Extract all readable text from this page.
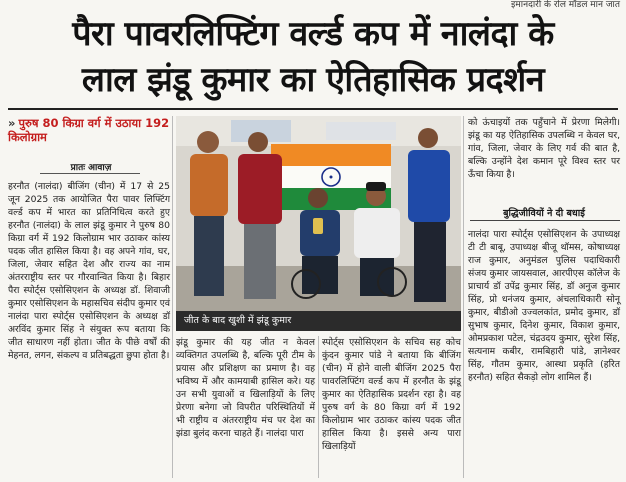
इमानदारी के रोल मॉडल मान जात
पैरा पावरलिफ्टिंग वर्ल्ड कप में नालंदा के
लाल झंडू कुमार का ऐतिहासिक प्रदर्शन
» पुरुष 80 किग्रा वर्ग में उठाया 192 किलोग्राम
प्रातः आवाज़

हरनौत (नालंदा) बीजिंग (चीन) में 17 से 25 जून 2025 तक आयोजित पैरा पावर लिफ्टिंग वर्ल्ड कप में भारत का प्रतिनिधित्व करते हुए हरनौत (नालंदा) के लाल झंडू कुमार ने पुरुष 80 किग्रा वर्ग में 192 किलोग्राम भार उठाकर कांस्य पदक जीत हासिल किया है। वह अपने गांव, घर, जिला, जेवार सहित देश और राज्य का नाम अंतरराष्ट्रीय स्तर पर गौरवान्वित किया है। बिहार पैरा स्पोर्ट्स एसोसिएशन के अध्यक्ष डॉ. शिवाजी कुमार एसोसिएशन के महासचिव संदीप कुमार एवं नालंदा पारा स्पोर्ट्स एसोसिएशन के अध्यक्ष डॉ अरविंद कुमार सिंह ने संयुक्त रूप बताया कि जीत साधारण नहीं होता। जीत के पीछे वर्षों की मेहनत, लगन, संकल्प व प्रतिबद्धता छुपा होता है।

जीत के बाद खुशी में झंडू कुमार

झंडू कुमार की यह जीत न केवल व्यक्तिगत उपलब्धि है, बल्कि पूरी टीम के प्रयास और प्रशिक्षण का प्रमाण है। वह भविष्य में और कामयाबी हासिल करे। यह उन सभी युवाओं व खिलाड़ियों के लिए प्रेरणा बनेगा जो विपरीत परिस्थितियों में भी राष्ट्रीय व अंतरराष्ट्रीय मंच पर देश का झंडा बुलंद करना चाहते हैं। नालंदा पारा

स्पोर्ट्स एसोसिएशन के सचिव सह कोच कुंदन कुमार पांडे ने बताया कि बीजिंग (चीन) में होने वाली बीजिंग 2025 पैरा पावरलिफ्टिंग वर्ल्ड कप में हरनौत के झंडू कुमार का ऐतिहासिक प्रदर्शन रहा है। वह पुरुष वर्ग के 80 किग्रा वर्ग में 192 किलोग्राम भार उठाकर कांस्य पदक जीत हासिल किया है। इससे अन्य पारा खिलाड़ियों

को ऊंचाइयों तक पहुँचाने में प्रेरणा मिलेगी। झंडू का यह ऐतिहासिक उपलब्धि न केवल घर, गांव, जिला, जेवार के लिए गर्व की बात है, बल्कि उन्होंने देश कमान पूरे विश्व स्तर पर ऊँचा किया है।

बुद्धिजीवियों ने दी बधाई

नालंदा पारा स्पोर्ट्स एसोसिएशन के उपाध्यक्ष टी टी बाबू, उपाध्यक्ष बीजू थॉमस, कोषाध्यक्ष राज कुमार, अनुमंडल पुलिस पदाधिकारी संजय कुमार जायसवाल, आरपीएस कॉलेज के प्राचार्य डॉ उपेंद्र कुमार सिंह, डॉ अनुज कुमार सिंह, प्रो धनंजय कुमार, अंचलाधिकारी सोनू कुमार, बीडीओ उज्वलकांत, प्रमोद कुमार, डॉ सुभाष कुमार, दिनेश कुमार, विकाश कुमार, ओमप्रकाश पटेल, चंद्रउदय कुमार, सुरेश सिंह, सत्यनाम कबीर, रामबिहारी पांडे, ज्ञानेश्वर सिंह, गौतम कुमार, आस्था प्रकृति (हरित हरनौत) सहित सैकड़ो लोग शामिल हैं।
